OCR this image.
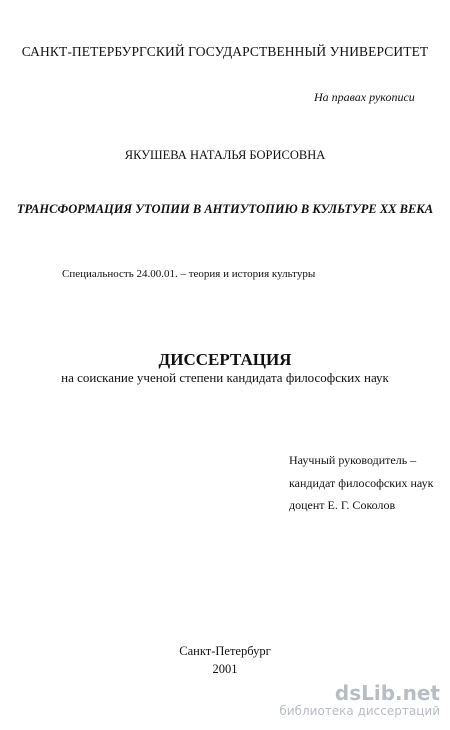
САНКТ-ПЕТЕРБУРГСКИЙ ГОСУДАРСТВЕННЫЙ УНИВЕРСИТЕТ
На правах рукописи
ЯКУШЕВА НАТАЛЬЯ БОРИСОВНА
ТРАНСФОРМАЦИЯ УТОПИИ В АНТИУТОПИЮ В КУЛЬТУРЕ XX ВЕКА
Специальность 24.00.01. – теория и история культуры
ДИССЕРТАЦИЯ
на соискание ученой степени кандидата философских наук
Научный руководитель –
кандидат философских наук
доцент Е. Г. Соколов
Санкт-Петербург
2001
dsLib.net
библиотека диссертаций
